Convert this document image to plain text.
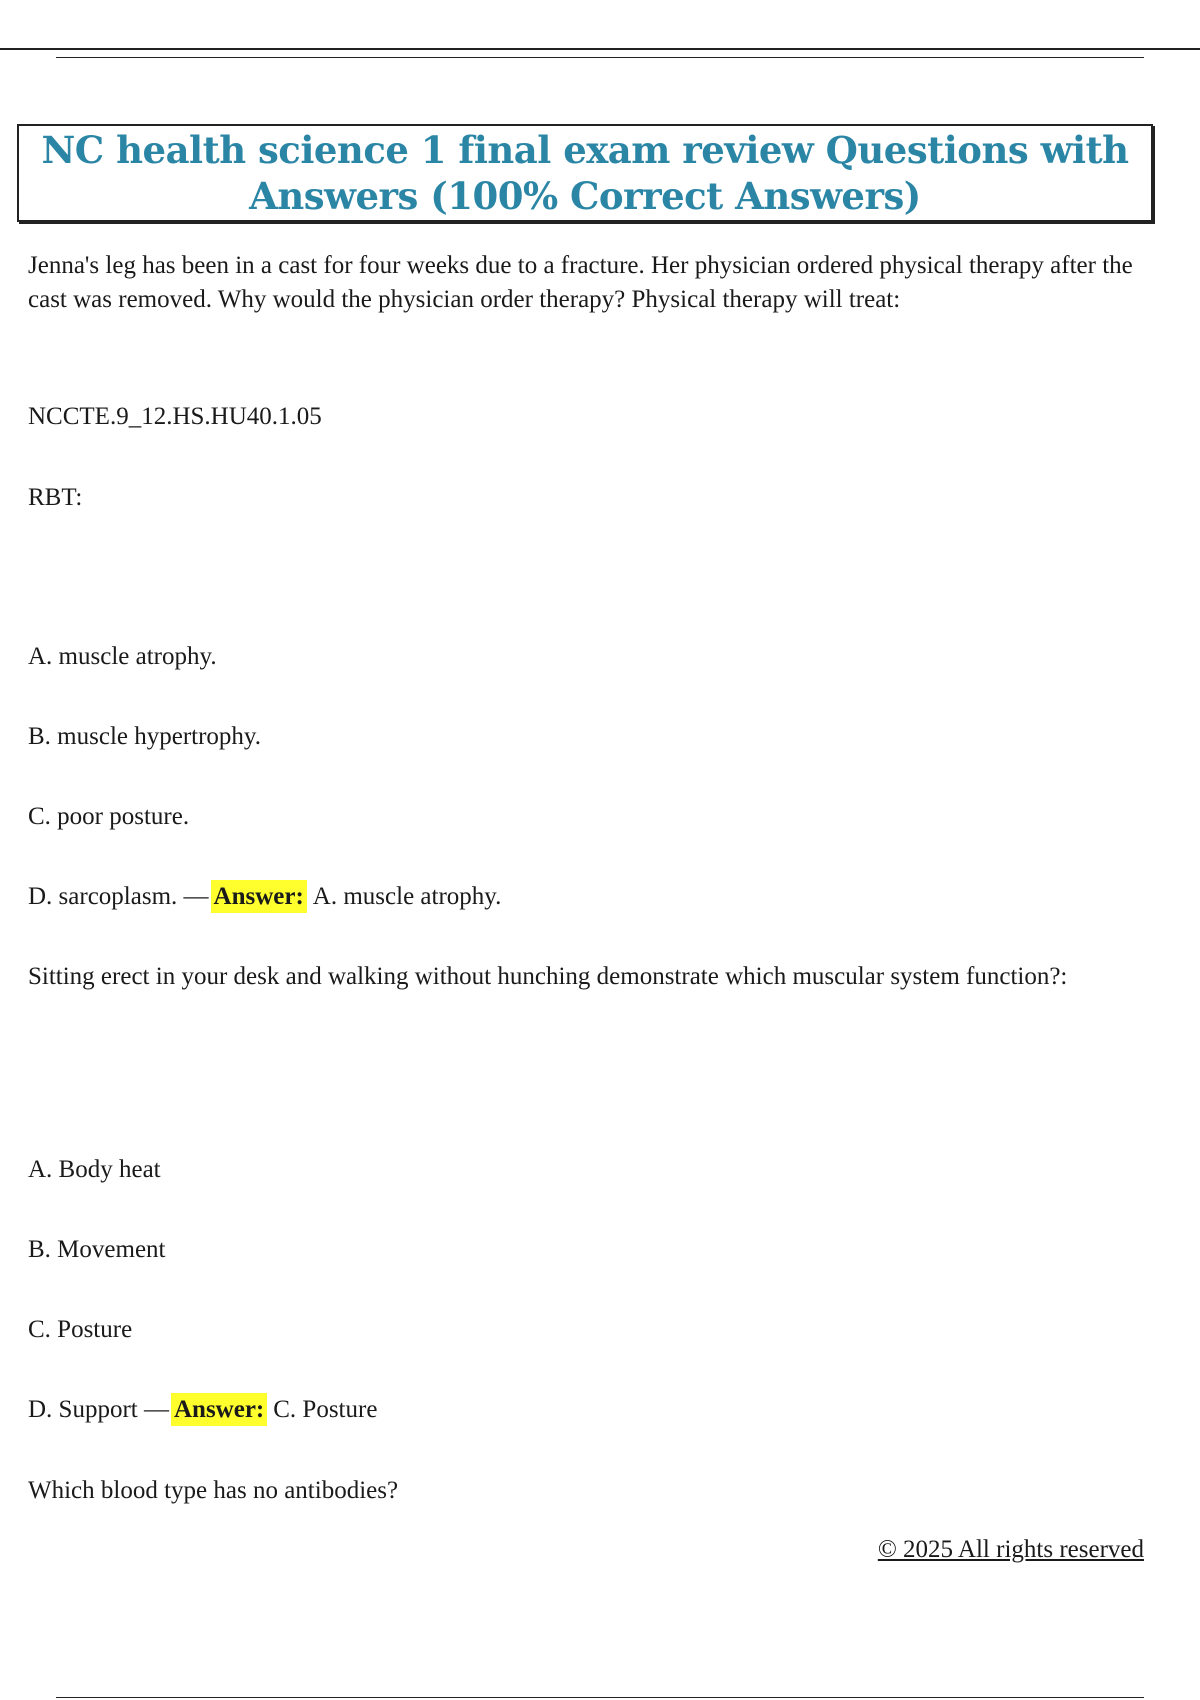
NC health science 1 final exam review Questions with Answers (100% Correct Answers)

Jenna's leg has been in a cast for four weeks due to a fracture. Her physician ordered physical therapy after the cast was removed. Why would the physician order therapy? Physical therapy will treat:

NCCTE.9_12.HS.HU40.1.05

RBT:

A. muscle atrophy.

B. muscle hypertrophy.

C. poor posture.

D. sarcoplasm. — Answer: A. muscle atrophy.

Sitting erect in your desk and walking without hunching demonstrate which muscular system function?:

A. Body heat

B. Movement

C. Posture

D. Support — Answer: C. Posture

Which blood type has no antibodies?

© 2025 All rights reserved
